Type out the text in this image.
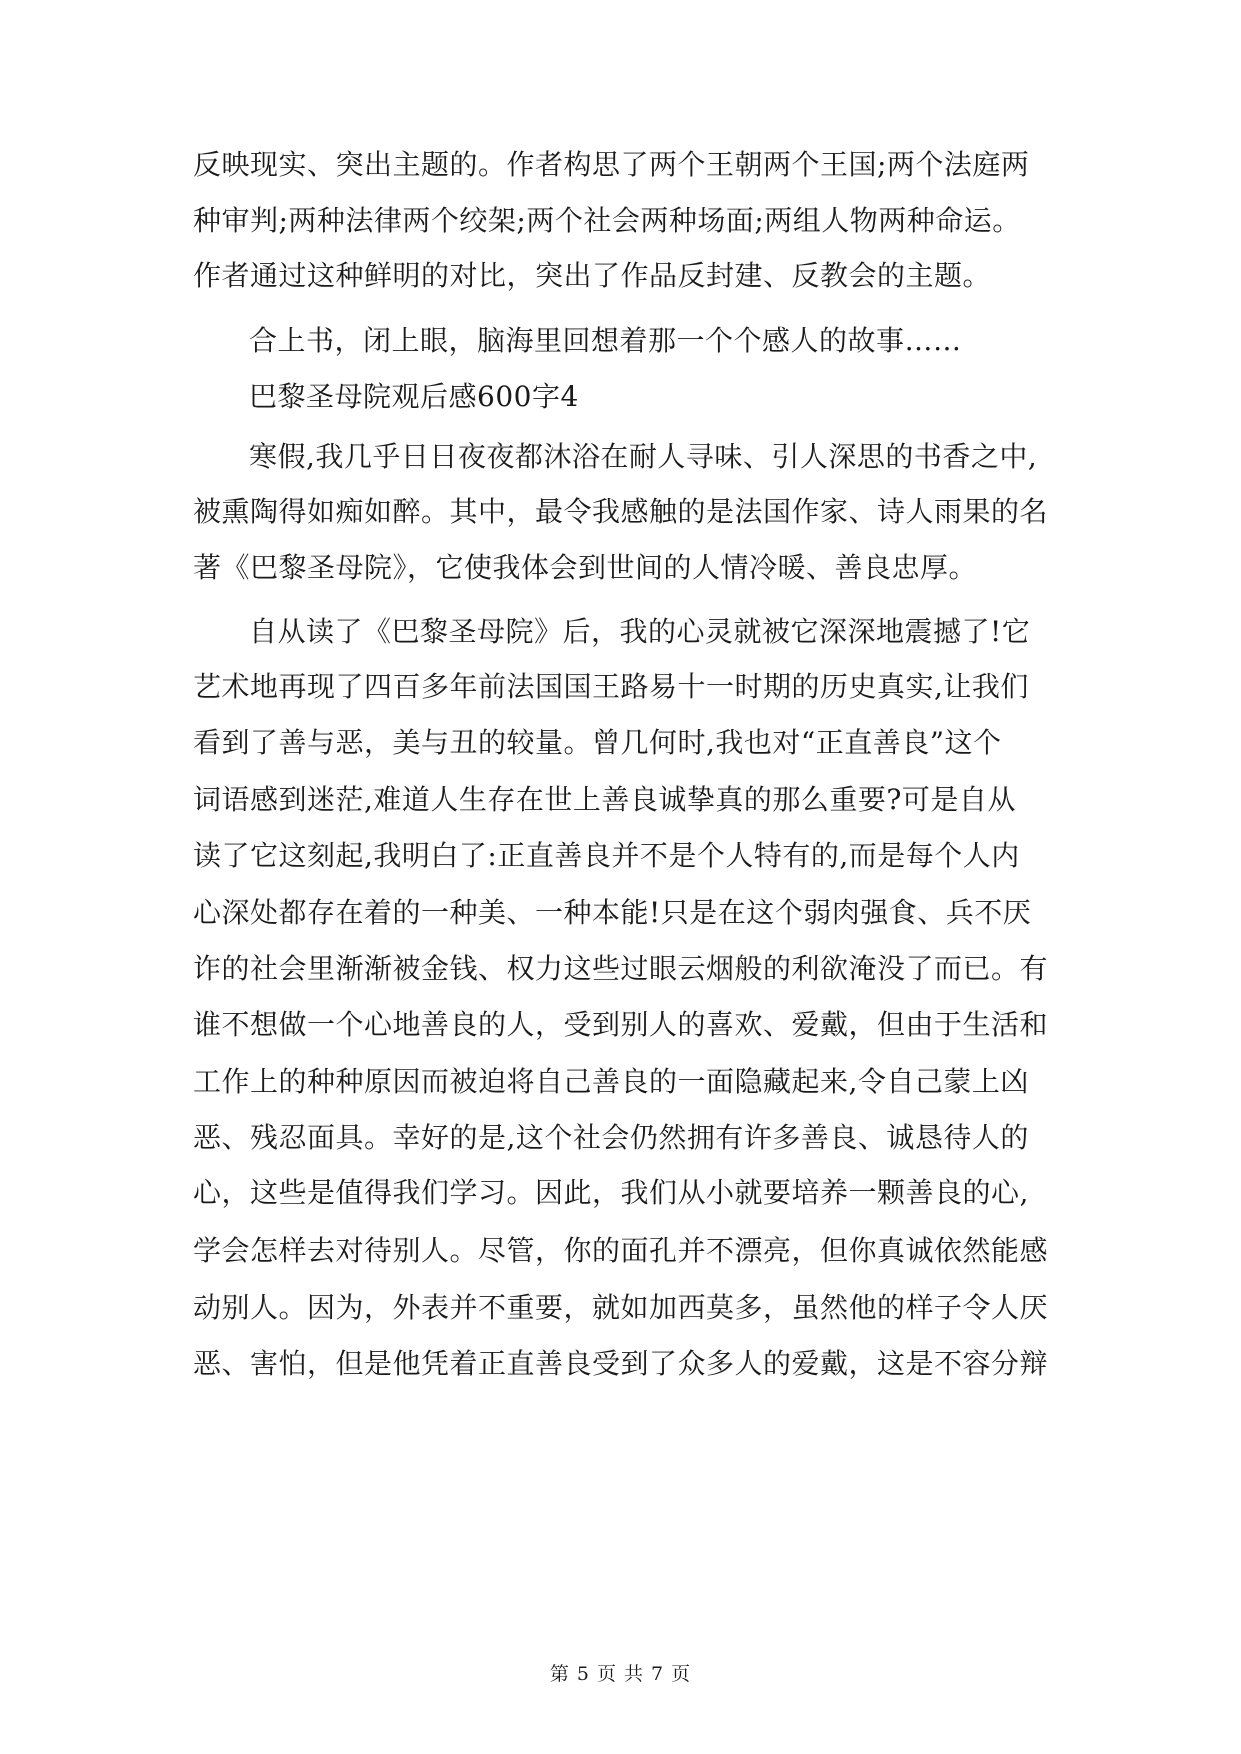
反映现实、突出主题的。作者构思了两个王朝两个王国;两个法庭两
种审判;两种法律两个绞架;两个社会两种场面;两组人物两种命运。
作者通过这种鲜明的对比，突出了作品反封建、反教会的主题。
合上书，闭上眼，脑海里回想着那一个个感人的故事……
巴黎圣母院观后感600字4
寒假,我几乎日日夜夜都沐浴在耐人寻味、引人深思的书香之中,
被熏陶得如痴如醉。其中，最令我感触的是法国作家、诗人雨果的名
著《巴黎圣母院》，它使我体会到世间的人情冷暖、善良忠厚。
自从读了《巴黎圣母院》后，我的心灵就被它深深地震撼了!它
艺术地再现了四百多年前法国国王路易十一时期的历史真实,让我们
看到了善与恶，美与丑的较量。曾几何时,我也对“正直善良”这个
词语感到迷茫,难道人生存在世上善良诚挚真的那么重要?可是自从
读了它这刻起,我明白了:正直善良并不是个人特有的,而是每个人内
心深处都存在着的一种美、一种本能!只是在这个弱肉强食、兵不厌
诈的社会里渐渐被金钱、权力这些过眼云烟般的利欲淹没了而已。有
谁不想做一个心地善良的人，受到别人的喜欢、爱戴，但由于生活和
工作上的种种原因而被迫将自己善良的一面隐藏起来,令自己蒙上凶
恶、残忍面具。幸好的是,这个社会仍然拥有许多善良、诚恳待人的
心，这些是值得我们学习。因此，我们从小就要培养一颗善良的心,
学会怎样去对待别人。尽管，你的面孔并不漂亮，但你真诚依然能感
动别人。因为，外表并不重要，就如加西莫多，虽然他的样子令人厌
恶、害怕，但是他凭着正直善良受到了众多人的爱戴，这是不容分辩
第 5 页 共 7 页
